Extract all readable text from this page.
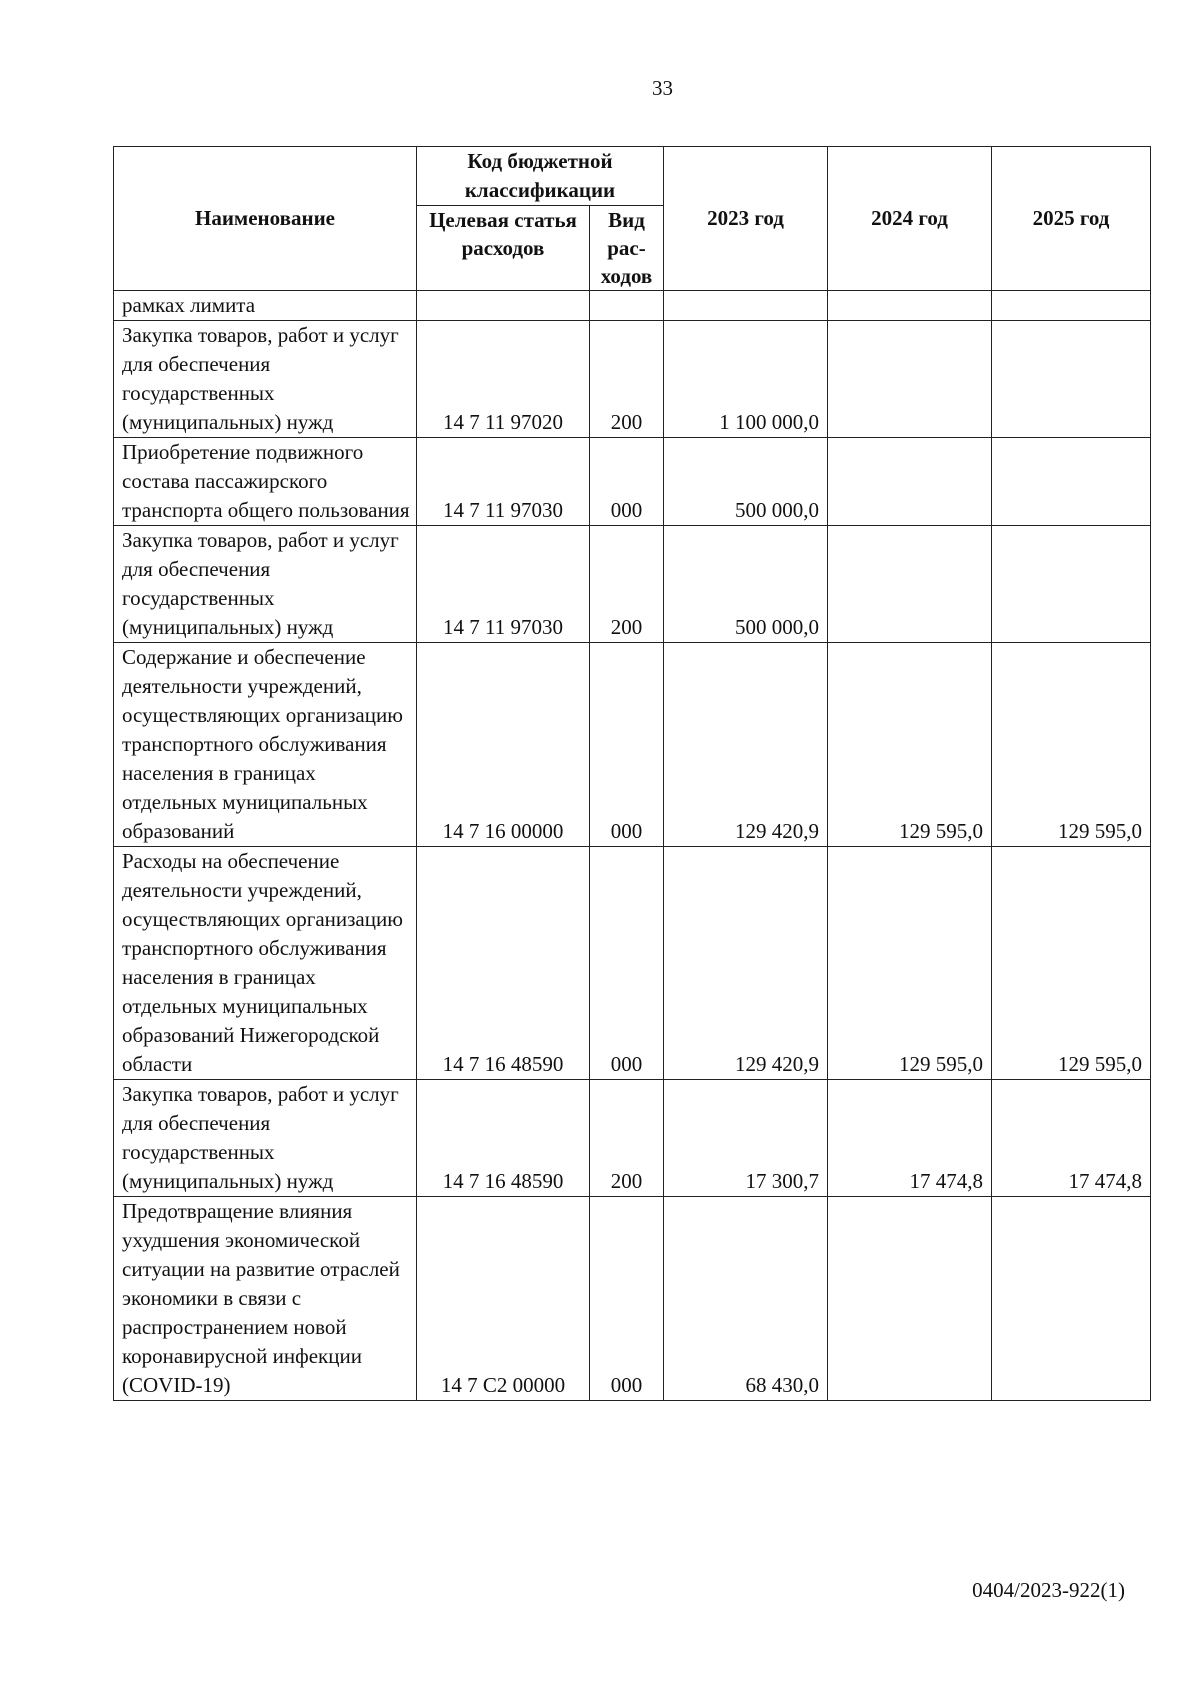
33
Наименование	Код бюджетной классификации		2023 год	2024 год	2025 год
	Целевая статья расходов	Вид рас-ходов			
рамках лимита					
Закупка товаров, работ и услуг для обеспечения государственных (муниципальных) нужд	14 7 11 97020	200	1 100 000,0		
Приобретение подвижного состава пассажирского транспорта общего пользования	14 7 11 97030	000	500 000,0		
Закупка товаров, работ и услуг для обеспечения государственных (муниципальных) нужд	14 7 11 97030	200	500 000,0		
Содержание и обеспечение деятельности учреждений, осуществляющих организацию транспортного обслуживания населения в границах отдельных муниципальных образований	14 7 16 00000	000	129 420,9	129 595,0	129 595,0
Расходы на обеспечение деятельности учреждений, осуществляющих организацию транспортного обслуживания населения в границах отдельных муниципальных образований Нижегородской области	14 7 16 48590	000	129 420,9	129 595,0	129 595,0
Закупка товаров, работ и услуг для обеспечения государственных (муниципальных) нужд	14 7 16 48590	200	17 300,7	17 474,8	17 474,8
Предотвращение влияния ухудшения экономической ситуации на развитие отраслей экономики в связи с распространением новой коронавирусной инфекции (COVID-19)	14 7 C2 00000	000	68 430,0		
0404/2023-922(1)
